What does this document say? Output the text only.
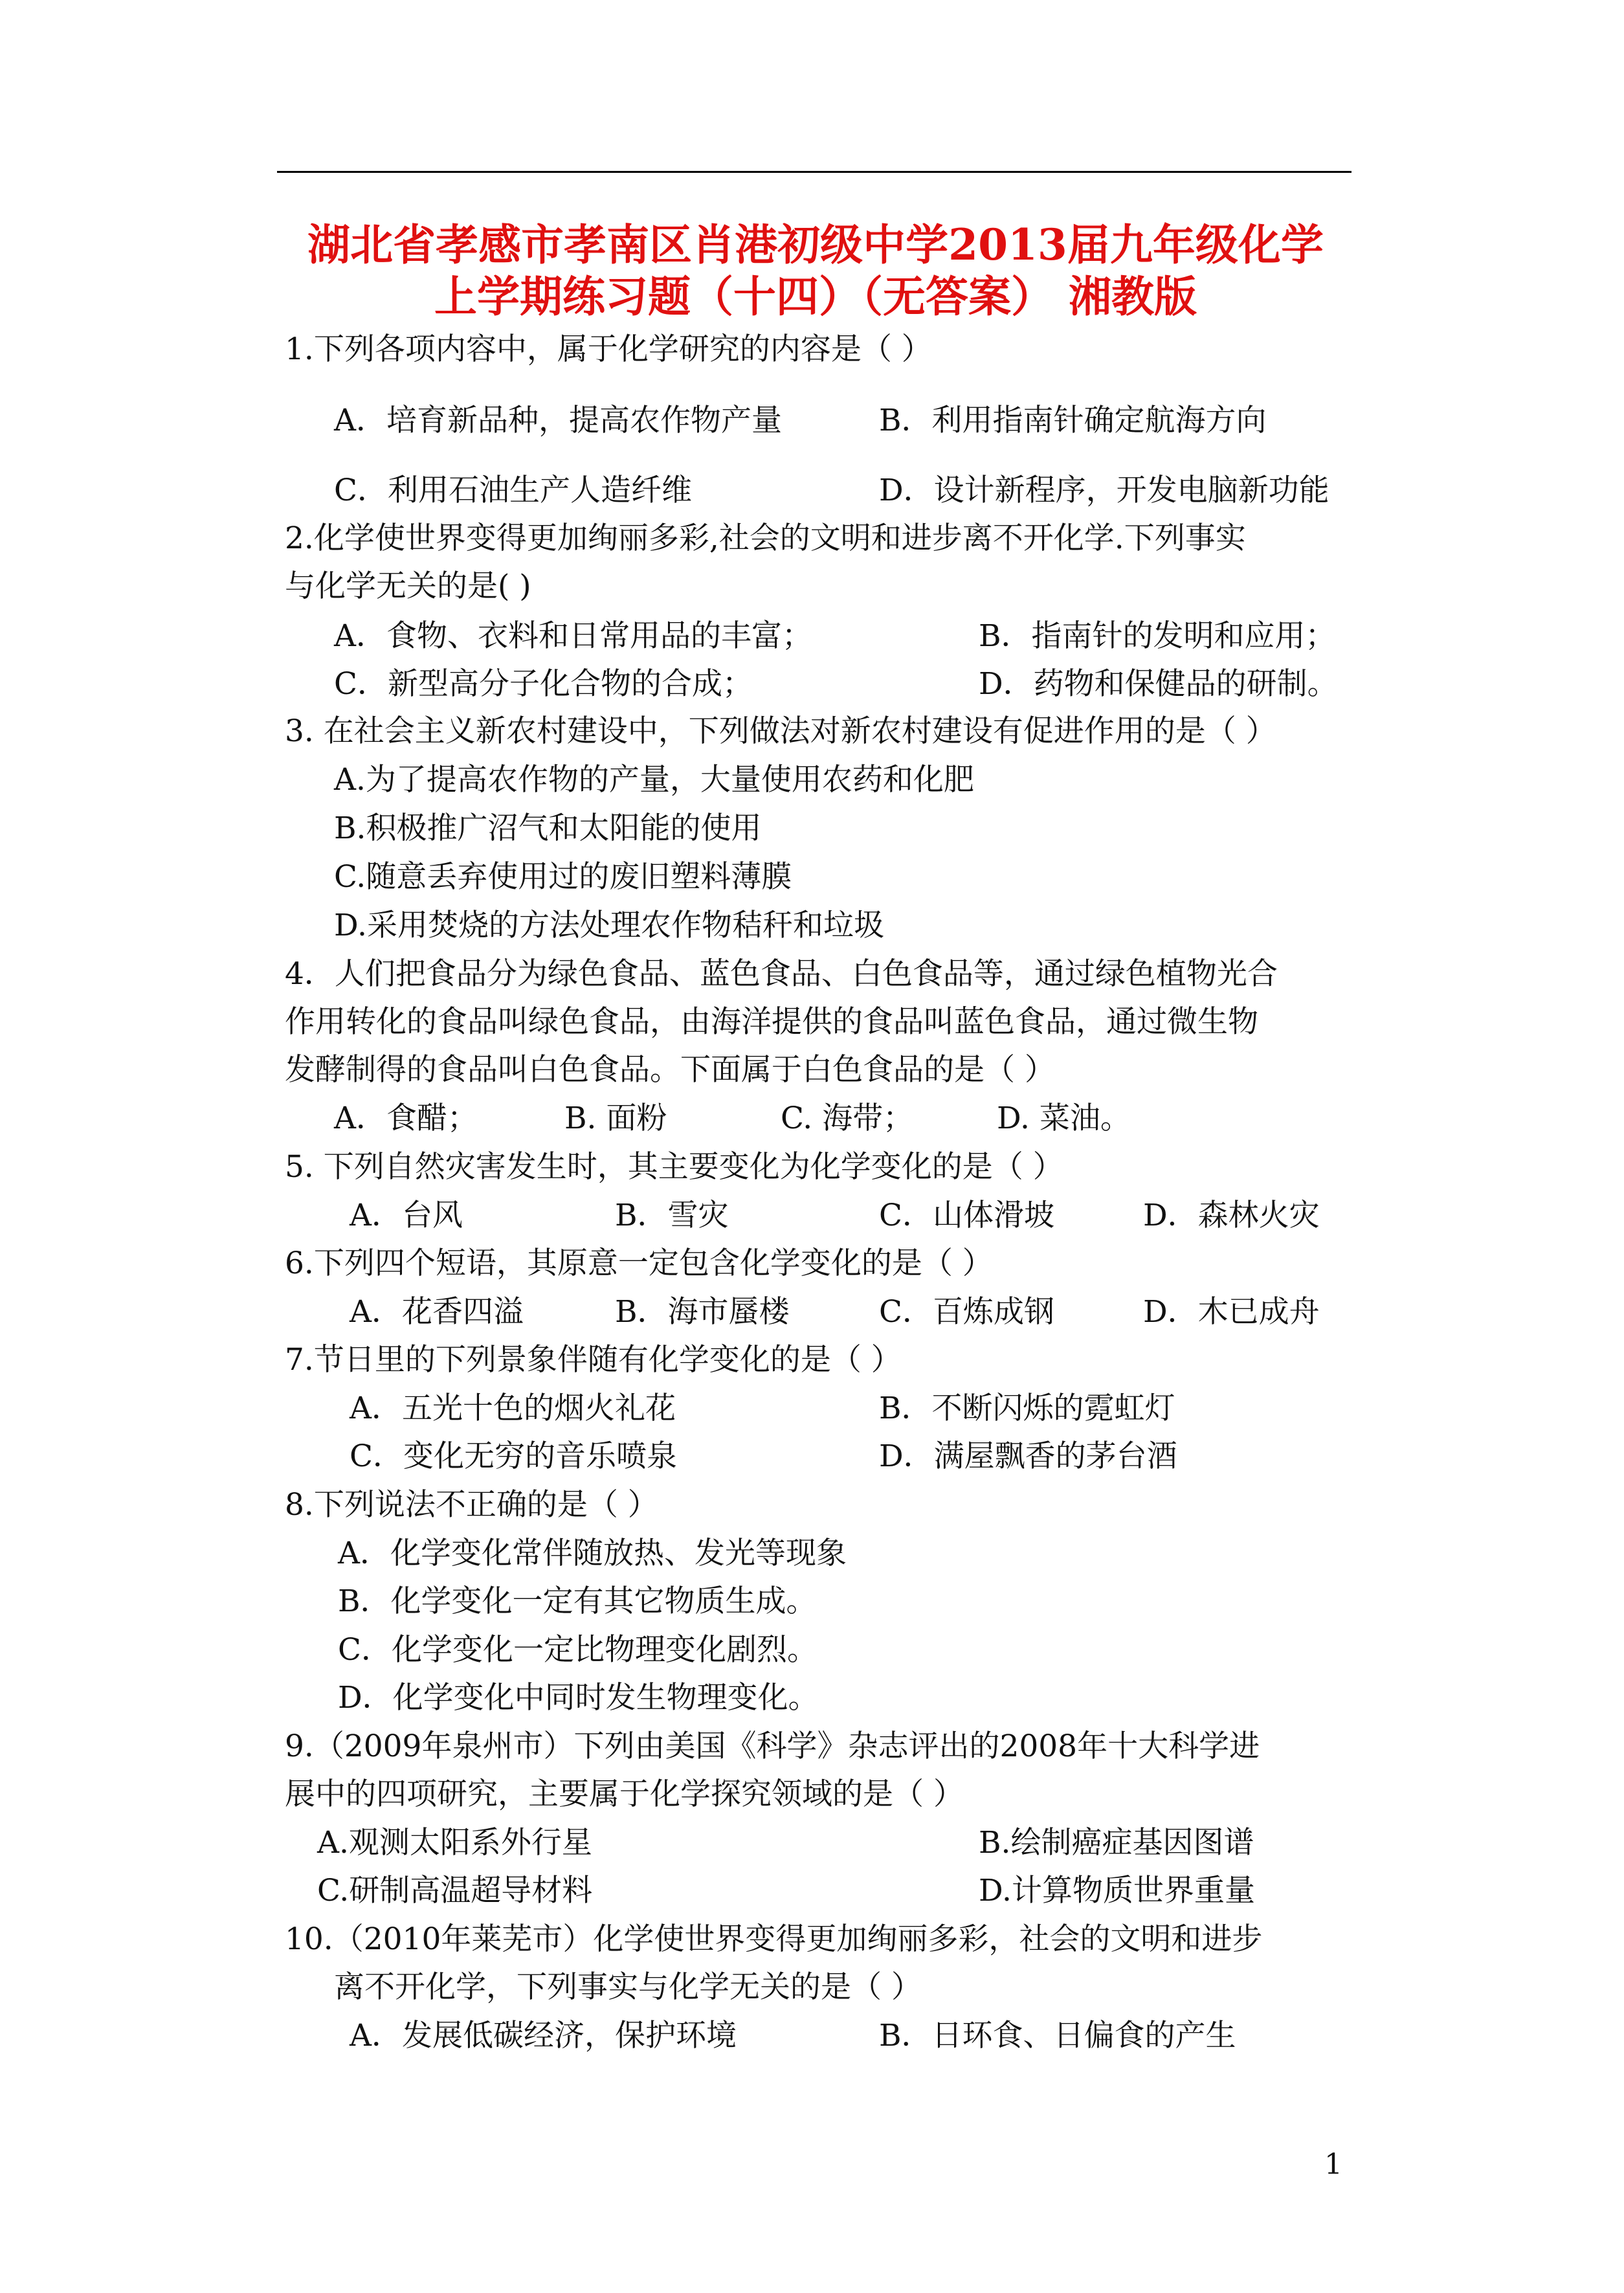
湖北省孝感市孝南区肖港初级中学2013届九年级化学
上学期练习题（十四）（无答案） 湘教版
1.下列各项内容中，属于化学研究的内容是（ ）
A．培育新品种，提高农作物产量	B．利用指南针确定航海方向
C．利用石油生产人造纤维	D．设计新程序，开发电脑新功能
2.化学使世界变得更加绚丽多彩,社会的文明和进步离不开化学.下列事实
与化学无关的是( )
A．食物、衣料和日常用品的丰富；	B．指南针的发明和应用；
C．新型高分子化合物的合成；	D．药物和保健品的研制。
3. 在社会主义新农村建设中，下列做法对新农村建设有促进作用的是（ ）
A.为了提高农作物的产量，大量使用农药和化肥
B.积极推广沼气和太阳能的使用
C.随意丢弃使用过的废旧塑料薄膜
D.采用焚烧的方法处理农作物秸秆和垃圾
4．人们把食品分为绿色食品、蓝色食品、白色食品等，通过绿色植物光合
作用转化的食品叫绿色食品，由海洋提供的食品叫蓝色食品，通过微生物
发酵制得的食品叫白色食品。下面属于白色食品的是（ ）
A．食醋；	B. 面粉	C. 海带；	D. 菜油。
5. 下列自然灾害发生时，其主要变化为化学变化的是（ ）
A．台风	B．雪灾	C．山体滑坡	D．森林火灾
6.下列四个短语，其原意一定包含化学变化的是（ ）
A．花香四溢	B．海市蜃楼	C．百炼成钢	D．木已成舟
7.节日里的下列景象伴随有化学变化的是（ ）
A．五光十色的烟火礼花	B．不断闪烁的霓虹灯
C．变化无穷的音乐喷泉	D．满屋飘香的茅台酒
8.下列说法不正确的是（ ）
A．化学变化常伴随放热、发光等现象
B．化学变化一定有其它物质生成。
C．化学变化一定比物理变化剧烈。
D．化学变化中同时发生物理变化。
9.（2009年泉州市）下列由美国《科学》杂志评出的2008年十大科学进
展中的四项研究，主要属于化学探究领域的是（ ）
A.观测太阳系外行星	B.绘制癌症基因图谱
C.研制高温超导材料	D.计算物质世界重量
10.（2010年莱芜市）化学使世界变得更加绚丽多彩，社会的文明和进步
离不开化学，下列事实与化学无关的是（ ）
A．发展低碳经济，保护环境	B．日环食、日偏食的产生
1
